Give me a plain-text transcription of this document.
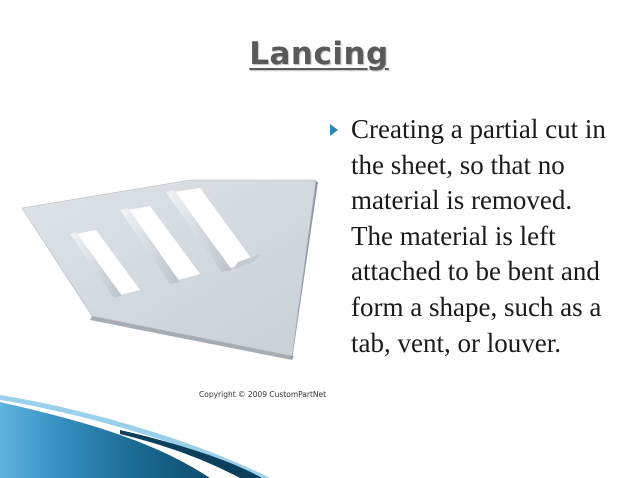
Lancing

Creating a partial cut in the sheet, so that no material is removed. The material is left attached to be bent and form a shape, such as a tab, vent, or louver.

Copyright © 2009 CustomPartNet
